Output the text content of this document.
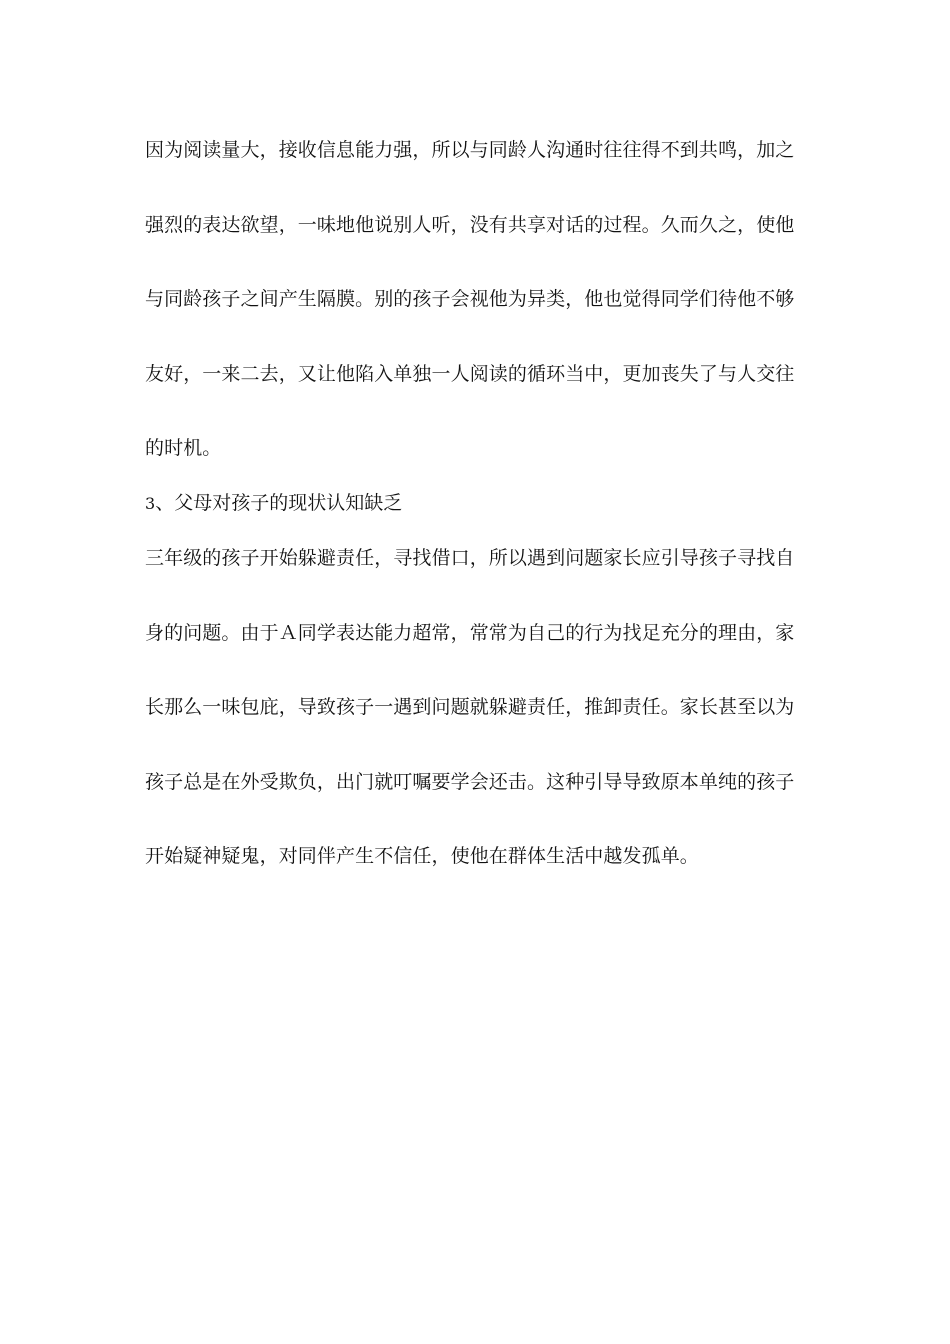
因为阅读量大，接收信息能力强，所以与同龄人沟通时往往得不到共鸣，加之
强烈的表达欲望，一味地他说别人听，没有共享对话的过程。久而久之，使他
与同龄孩子之间产生隔膜。别的孩子会视他为异类，他也觉得同学们待他不够
友好，一来二去，又让他陷入单独一人阅读的循环当中，更加丧失了与人交往
的时机。
3、父母对孩子的现状认知缺乏
三年级的孩子开始躲避责任，寻找借口，所以遇到问题家长应引导孩子寻找自
身的问题。由于Ａ同学表达能力超常，常常为自己的行为找足充分的理由，家
长那么一味包庇，导致孩子一遇到问题就躲避责任，推卸责任。家长甚至以为
孩子总是在外受欺负，出门就叮嘱要学会还击。这种引导导致原本单纯的孩子
开始疑神疑鬼，对同伴产生不信任，使他在群体生活中越发孤单。
